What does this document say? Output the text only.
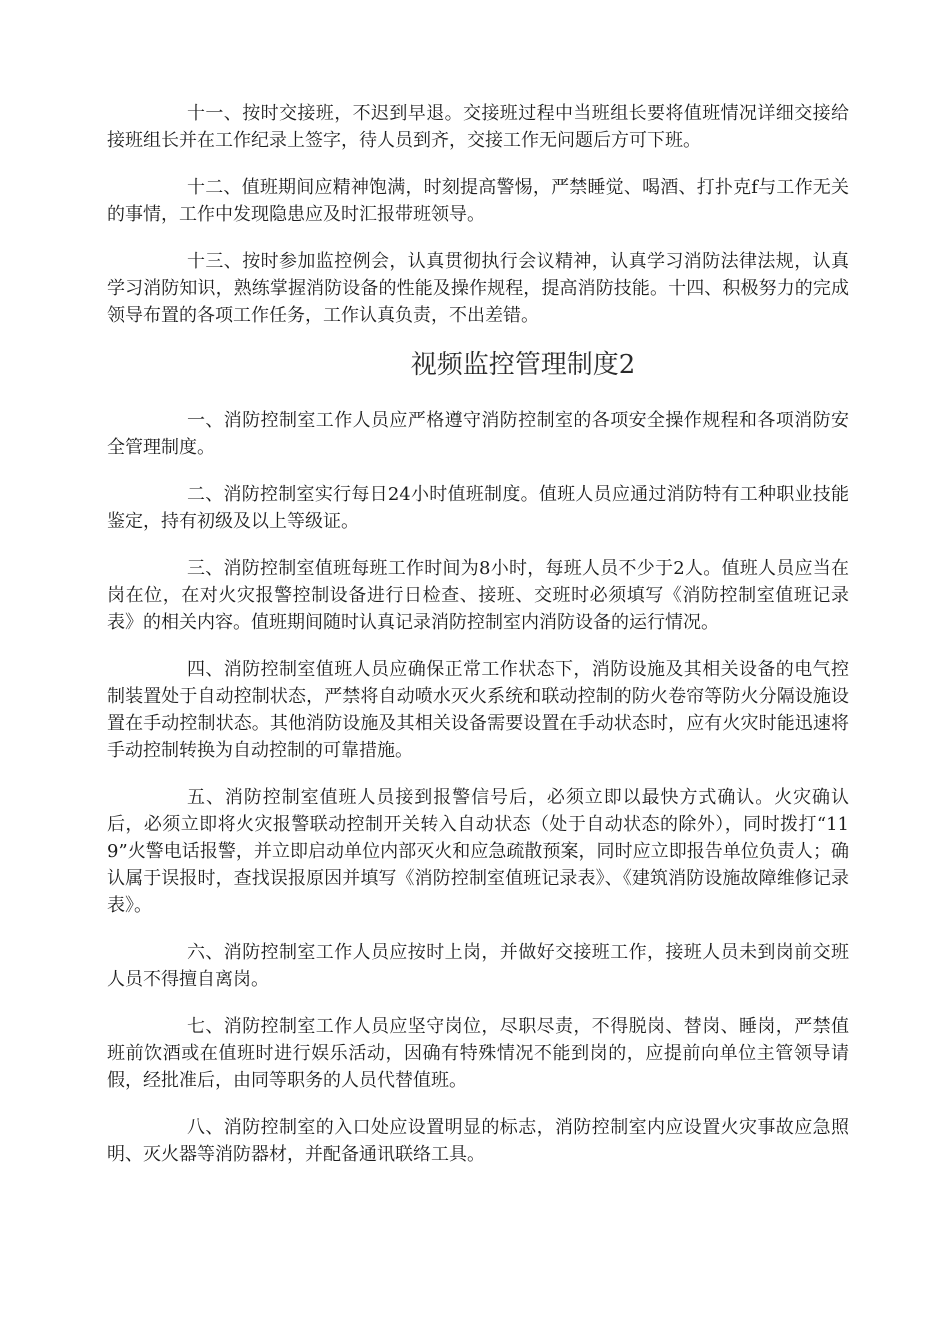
十一、按时交接班，不迟到早退。交接班过程中当班组长要将值班情况详细交接给接班组长并在工作纪录上签字，待人员到齐，交接工作无问题后方可下班。

十二、值班期间应精神饱满，时刻提高警惕，严禁睡觉、喝酒、打扑克f与工作无关的事情，工作中发现隐患应及时汇报带班领导。

十三、按时参加监控例会，认真贯彻执行会议精神，认真学习消防法律法规，认真学习消防知识，熟练掌握消防设备的性能及操作规程，提高消防技能。十四、积极努力的完成领导布置的各项工作任务，工作认真负责，不出差错。

视频监控管理制度2

一、消防控制室工作人员应严格遵守消防控制室的各项安全操作规程和各项消防安全管理制度。

二、消防控制室实行每日24小时值班制度。值班人员应通过消防特有工种职业技能鉴定，持有初级及以上等级证。

三、消防控制室值班每班工作时间为8小时，每班人员不少于2人。值班人员应当在岗在位，在对火灾报警控制设备进行日检查、接班、交班时必须填写《消防控制室值班记录表》的相关内容。值班期间随时认真记录消防控制室内消防设备的运行情况。

四、消防控制室值班人员应确保正常工作状态下，消防设施及其相关设备的电气控制装置处于自动控制状态，严禁将自动喷水灭火系统和联动控制的防火卷帘等防火分隔设施设置在手动控制状态。其他消防设施及其相关设备需要设置在手动状态时，应有火灾时能迅速将手动控制转换为自动控制的可靠措施。

五、消防控制室值班人员接到报警信号后，必须立即以最快方式确认。火灾确认后，必须立即将火灾报警联动控制开关转入自动状态（处于自动状态的除外），同时拨打“119”火警电话报警，并立即启动单位内部灭火和应急疏散预案，同时应立即报告单位负责人；确认属于误报时，查找误报原因并填写《消防控制室值班记录表》、《建筑消防设施故障维修记录表》。

六、消防控制室工作人员应按时上岗，并做好交接班工作，接班人员未到岗前交班人员不得擅自离岗。

七、消防控制室工作人员应坚守岗位，尽职尽责，不得脱岗、替岗、睡岗，严禁值班前饮酒或在值班时进行娱乐活动，因确有特殊情况不能到岗的，应提前向单位主管领导请假，经批准后，由同等职务的人员代替值班。

八、消防控制室的入口处应设置明显的标志，消防控制室内应设置火灾事故应急照明、灭火器等消防器材，并配备通讯联络工具。
